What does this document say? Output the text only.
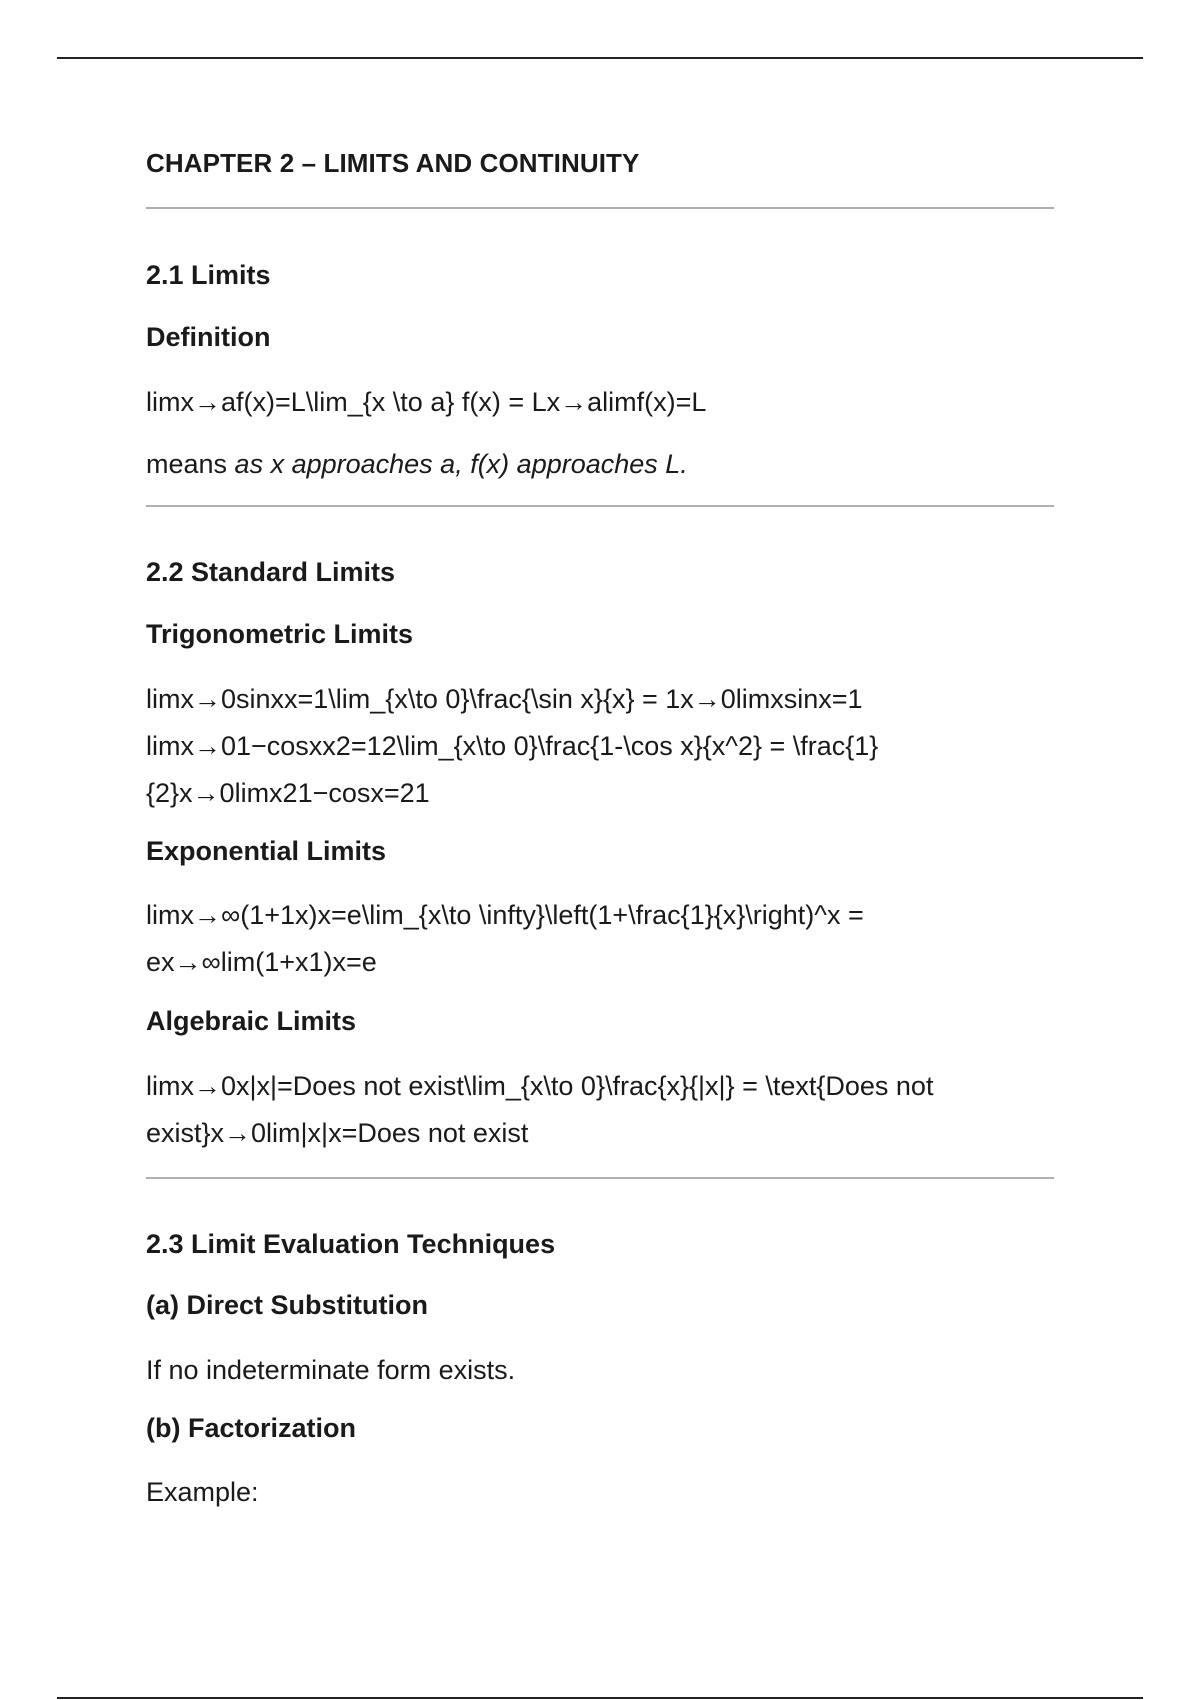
CHAPTER 2 – LIMITS AND CONTINUITY
2.1 Limits
Definition

limx→af(x)=L\lim_{x \to a} f(x) = Lx→alimf(x)=L

means as x approaches a, f(x) approaches L.

2.2 Standard Limits
Trigonometric Limits

limx→0sinxx=1\lim_{x\to 0}\frac{\sin x}{x} = 1x→0limxsinx=1

limx→01−cosxx2=12\lim_{x\to 0}\frac{1-\cos x}{x^2} = \frac{1}

{2}x→0limx21−cosx=21

Exponential Limits

limx→∞(1+1x)x=e\lim_{x\to \infty}\left(1+\frac{1}{x}\right)^x =

ex→∞lim(1+x1)x=e

Algebraic Limits

limx→0x|x|=Does not exist\lim_{x\to 0}\frac{x}{|x|} = \text{Does not

exist}x→0lim|x|x=Does not exist

2.3 Limit Evaluation Techniques
(a) Direct Substitution

If no indeterminate form exists.

(b) Factorization

Example:
